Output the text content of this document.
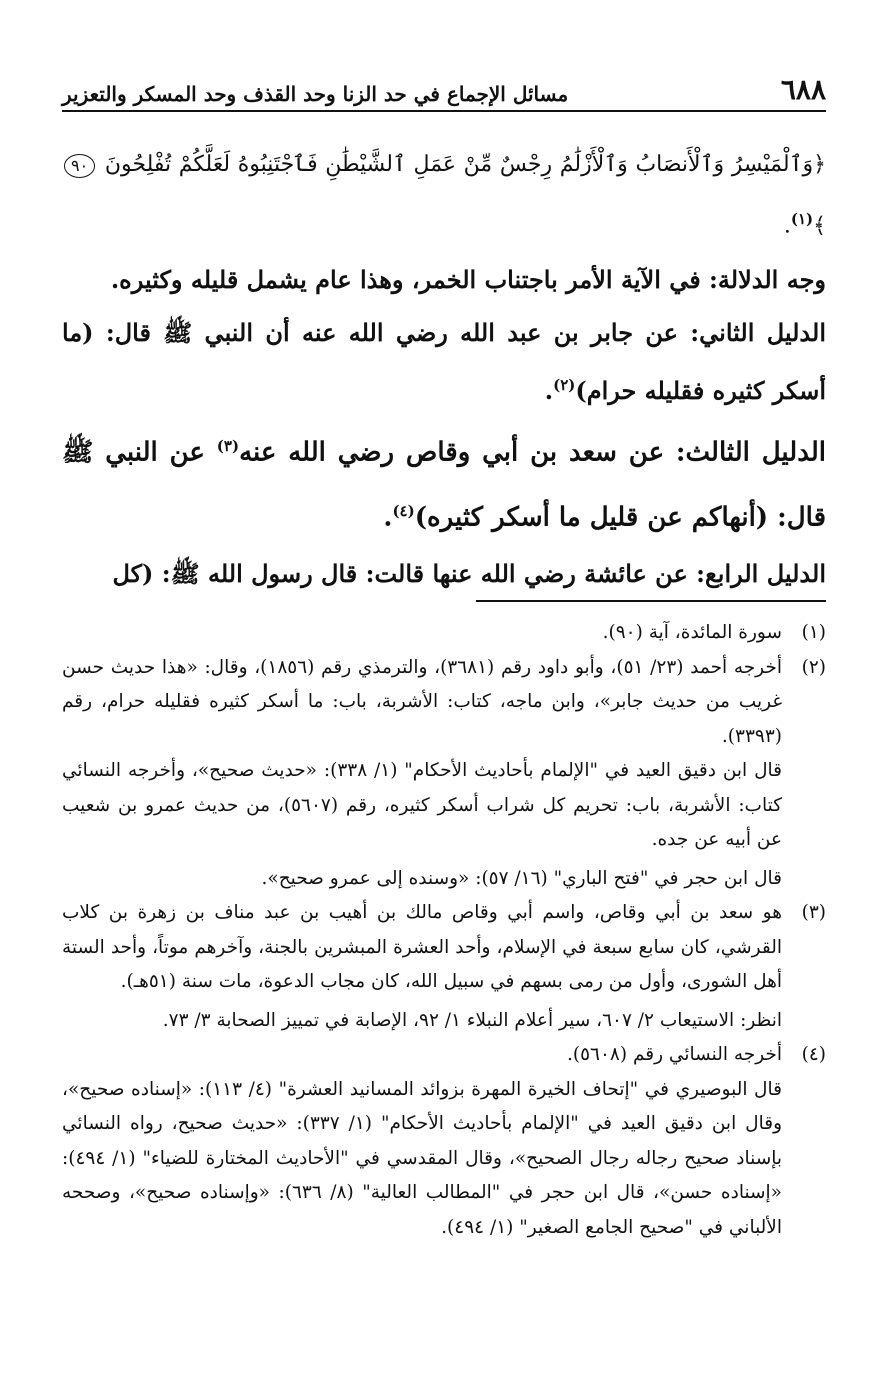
٦٨٨
مسائل الإجماع في حد الزنا وحد القذف وحد المسكر والتعزير
﴿وَٱلْمَيْسِرُ وَٱلْأَنصَابُ وَٱلْأَزْلَٰمُ رِجْسٌ مِّنْ عَمَلِ ٱلشَّيْطَٰنِ فَٱجْتَنِبُوهُ لَعَلَّكُمْ تُفْلِحُونَ ٩٠﴾$^{(١)}$.
وجه الدلالة: في الآية الأمر باجتناب الخمر، وهذا عام يشمل قليله وكثيره.
الدليل الثاني: عن جابر بن عبد الله رضي الله عنه أن النبي ﷺ قال: (ما أسكر كثيره فقليله حرام)$^{(٢)}$.
الدليل الثالث: عن سعد بن أبي وقاص رضي الله عنه$^{(٣)}$ عن النبي ﷺ قال: (أنهاكم عن قليل ما أسكر كثيره)$^{(٤)}$.
الدليل الرابع: عن عائشة رضي الله عنها قالت: قال رسول الله ﷺ: (كل
(١)

سورة المائدة، آية (٩٠).

(٢)

أخرجه أحمد (٢٣/ ٥١)، وأبو داود رقم (٣٦٨١)، والترمذي رقم (١٨٥٦)، وقال: «هذا حديث حسن غريب من حديث جابر»، وابن ماجه، كتاب: الأشربة، باب: ما أسكر كثيره فقليله حرام، رقم (٣٣٩٣).

قال ابن دقيق العيد في "الإلمام بأحاديث الأحكام" (١/ ٣٣٨): «حديث صحيح»، وأخرجه النسائي كتاب: الأشربة، باب: تحريم كل شراب أسكر كثيره، رقم (٥٦٠٧)، من حديث عمرو بن شعيب عن أبيه عن جده.

قال ابن حجر في "فتح الباري" (١٦/ ٥٧): «وسنده إلى عمرو صحيح».

(٣)

هو سعد بن أبي وقاص، واسم أبي وقاص مالك بن أهيب بن عبد مناف بن زهرة بن كلاب القرشي، كان سابع سبعة في الإسلام، وأحد العشرة المبشرين بالجنة، وآخرهم موتاً، وأحد الستة أهل الشورى، وأول من رمى بسهم في سبيل الله، كان مجاب الدعوة، مات سنة (٥١هـ).

انظر: الاستيعاب ٢/ ٦٠٧، سير أعلام النبلاء ١/ ٩٢، الإصابة في تمييز الصحابة ٣/ ٧٣.

(٤)

أخرجه النسائي رقم (٥٦٠٨).

قال البوصيري في "إتحاف الخيرة المهرة بزوائد المسانيد العشرة" (٤/ ١١٣): «إسناده صحيح»، وقال ابن دقيق العيد في "الإلمام بأحاديث الأحكام" (١/ ٣٣٧): «حديث صحيح، رواه النسائي بإسناد صحيح رجاله رجال الصحيح»، وقال المقدسي في "الأحاديث المختارة للضياء" (١/ ٤٩٤): «إسناده حسن»، قال ابن حجر في "المطالب العالية" (٨/ ٦٣٦): «وإسناده صحيح»، وصححه الألباني في "صحيح الجامع الصغير" (١/ ٤٩٤).
